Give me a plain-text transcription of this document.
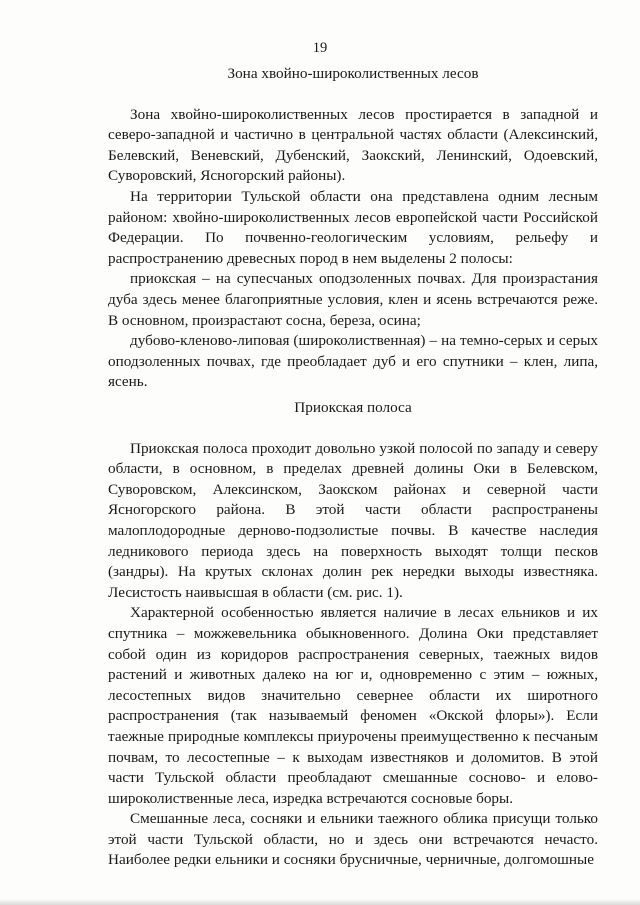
19
Зона хвойно-широколиственных лесов

Зона хвойно-широколиственных лесов простирается в западной и северо-западной и частично в центральной частях области (Алексинский, Белевский, Веневский, Дубенский, Заокский, Ленинский, Одоевский, Суворовский, Ясногорский районы).

На территории Тульской области она представлена одним лесным районом: хвойно-широколиственных лесов европейской части Российской Федерации. По почвенно-геологическим условиям, рельефу и распространению древесных пород в нем выделены 2 полосы:

приокская – на супесчаных оподзоленных почвах. Для произрастания дуба здесь менее благоприятные условия, клен и ясень встречаются реже. В основном, произрастают сосна, береза, осина;

дубово-кленово-липовая (широколиственная) – на темно-серых и серых оподзоленных почвах, где преобладает дуб и его спутники – клен, липа, ясень.

Приокская полоса

Приокская полоса проходит довольно узкой полосой по западу и северу области, в основном, в пределах древней долины Оки в Белевском, Суворовском, Алексинском, Заокском районах и северной части Ясногорского района. В этой части области распространены малоплодородные дерново-подзолистые почвы. В качестве наследия ледникового периода здесь на поверхность выходят толщи песков (зандры). На крутых склонах долин рек нередки выходы известняка. Лесистость наивысшая в области (см. рис. 1).

Характерной особенностью является наличие в лесах ельников и их спутника – можжевельника обыкновенного. Долина Оки представляет собой один из коридоров распространения северных, таежных видов растений и животных далеко на юг и, одновременно с этим – южных, лесостепных видов значительно севернее области их широтного распространения (так называемый феномен «Окской флоры»). Если таежные природные комплексы приурочены преимущественно к песчаным почвам, то лесостепные – к выходам известняков и доломитов. В этой части Тульской области преобладают смешанные сосново- и елово-широколиственные леса, изредка встречаются сосновые боры.

Смешанные леса, сосняки и ельники таежного облика присущи только этой части Тульской области, но и здесь они встречаются нечасто. Наиболее редки ельники и сосняки брусничные, черничные, долгомошные
